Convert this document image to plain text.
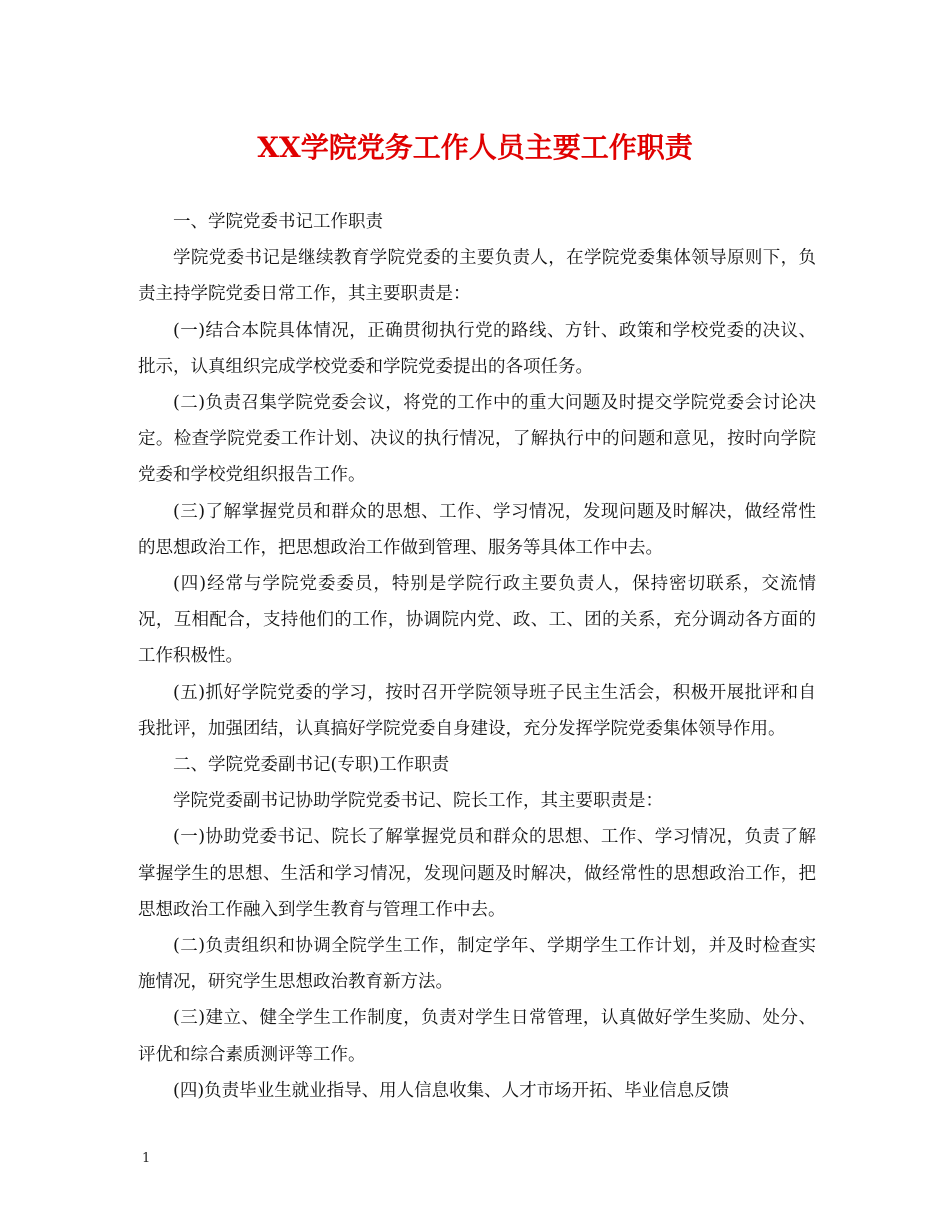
XX学院党务工作人员主要工作职责

一、学院党委书记工作职责

学院党委书记是继续教育学院党委的主要负责人，在学院党委集体领导原则下，负责主持学院党委日常工作，其主要职责是：

(一)结合本院具体情况，正确贯彻执行党的路线、方针、政策和学校党委的决议、批示，认真组织完成学校党委和学院党委提出的各项任务。

(二)负责召集学院党委会议，将党的工作中的重大问题及时提交学院党委会讨论决定。检查学院党委工作计划、决议的执行情况，了解执行中的问题和意见，按时向学院党委和学校党组织报告工作。

(三)了解掌握党员和群众的思想、工作、学习情况，发现问题及时解决，做经常性的思想政治工作，把思想政治工作做到管理、服务等具体工作中去。

(四)经常与学院党委委员，特别是学院行政主要负责人，保持密切联系，交流情况，互相配合，支持他们的工作，协调院内党、政、工、团的关系，充分调动各方面的工作积极性。

(五)抓好学院党委的学习，按时召开学院领导班子民主生活会，积极开展批评和自我批评，加强团结，认真搞好学院党委自身建设，充分发挥学院党委集体领导作用。

二、学院党委副书记(专职)工作职责

学院党委副书记协助学院党委书记、院长工作，其主要职责是：

(一)协助党委书记、院长了解掌握党员和群众的思想、工作、学习情况，负责了解掌握学生的思想、生活和学习情况，发现问题及时解决，做经常性的思想政治工作，把思想政治工作融入到学生教育与管理工作中去。

(二)负责组织和协调全院学生工作，制定学年、学期学生工作计划，并及时检查实施情况，研究学生思想政治教育新方法。

(三)建立、健全学生工作制度，负责对学生日常管理，认真做好学生奖励、处分、评优和综合素质测评等工作。

(四)负责毕业生就业指导、用人信息收集、人才市场开拓、毕业信息反馈

1
